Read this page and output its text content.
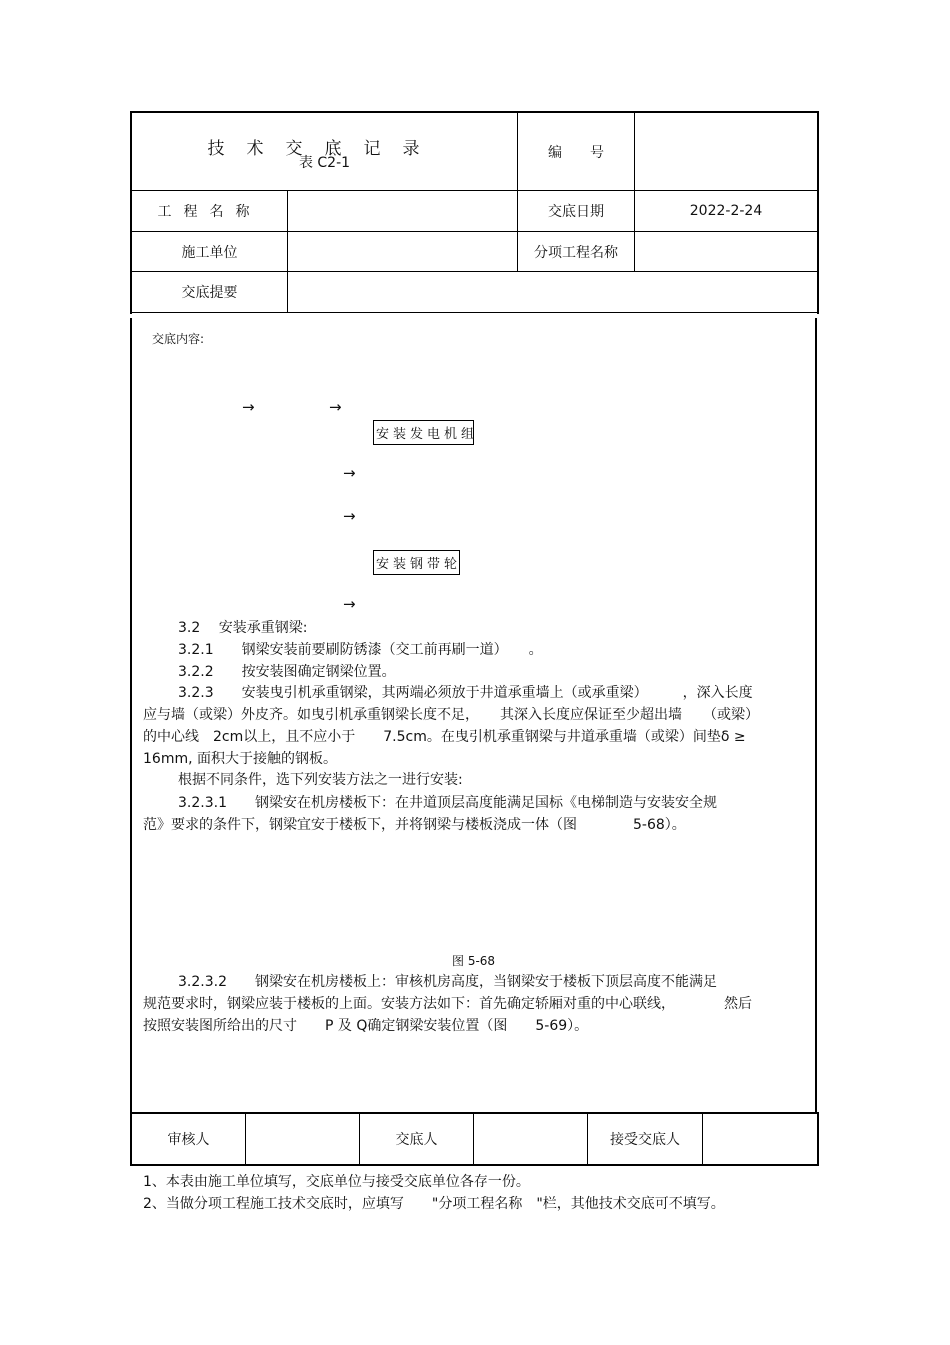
技术交底记录
表 C2-1
编　　号
工程名称	交底日期	2022-2-24
施工单位	分项工程名称
交底提要
交底内容:
→	→
安装发电机组
→
→
安装钢带轮
→
3.2　 安装承重钢梁:
3.2.1　　钢梁安装前要刷防锈漆（交工前再刷一道）　　。
3.2.2　　按安装图确定钢梁位置。
3.2.3　　安装曳引机承重钢梁，其两端必须放于井道承重墙上（或承重梁）　　　，深入长度
应与墙（或梁）外皮齐。如曳引机承重钢梁长度不足，　　其深入长度应保证至少超出墙　　（或梁）
的中心线　2cm以上，且不应小于　　7.5cm。在曳引机承重钢梁与井道承重墙（或梁）间垫δ ≥
16mm, 面积大于接触的钢板。
根据不同条件，选下列安装方法之一进行安装:
3.2.3.1　　钢梁安在机房楼板下：在井道顶层高度能满足国标《电梯制造与安装安全规
范》要求的条件下，钢梁宜安于楼板下，并将钢梁与楼板浇成一体（图　　　　5-68）。
图 5-68
3.2.3.2　　钢梁安在机房楼板上：审核机房高度，当钢梁安于楼板下顶层高度不能满足
规范要求时，钢梁应装于楼板的上面。安装方法如下：首先确定轿厢对重的中心联线，　　　　然后
按照安装图所给出的尺寸　　P 及 Q确定钢梁安装位置（图　　5-69）。
审核人	交底人	接受交底人
1、本表由施工单位填写，交底单位与接受交底单位各存一份。
2、当做分项工程施工技术交底时，应填写　　"分项工程名称　"栏，其他技术交底可不填写。
